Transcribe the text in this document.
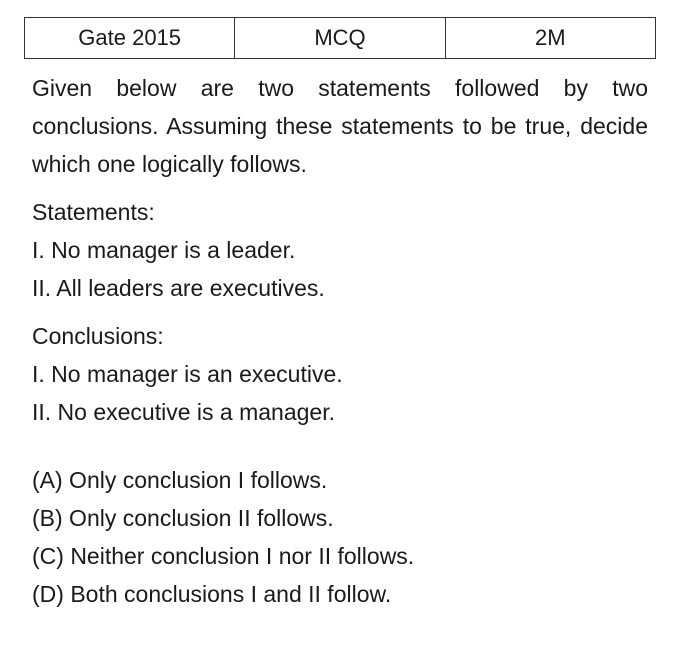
Gate 2015	MCQ	2M

Given below are two statements followed by two conclusions. Assuming these statements to be true, decide which one logically follows.

Statements:

I. No manager is a leader.

II. All leaders are executives.

Conclusions:

I. No manager is an executive.

II. No executive is a manager.

(A) Only conclusion I follows.

(B) Only conclusion II follows.

(C) Neither conclusion I nor II follows.

(D) Both conclusions I and II follow.
